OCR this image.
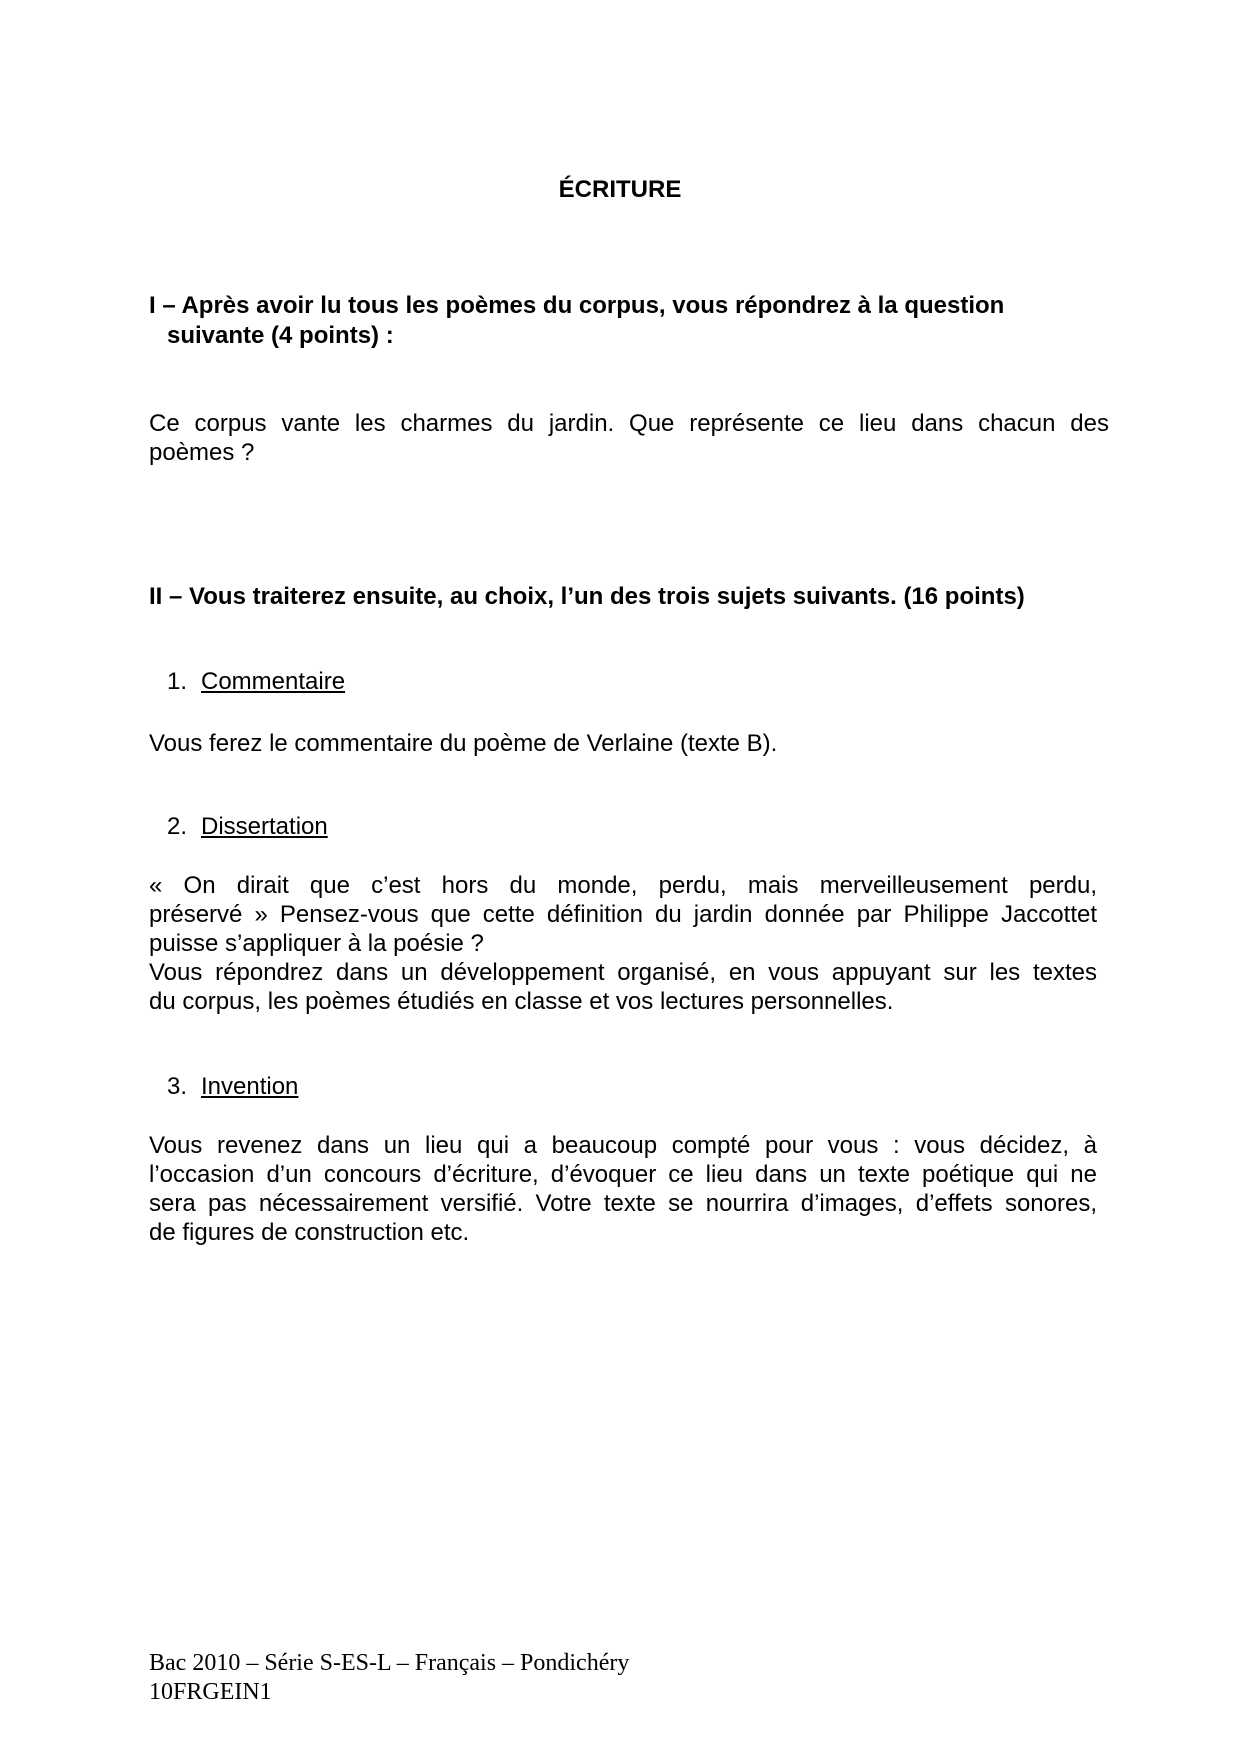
ÉCRITURE
I – Après avoir lu tous les poèmes du corpus, vous répondrez à la question
suivante (4 points) :
Ce corpus vante les charmes du jardin. Que représente ce lieu dans chacun des
poèmes ?
II – Vous traiterez ensuite, au choix, l’un des trois sujets suivants. (16 points)
1. Commentaire
Vous ferez le commentaire du poème de Verlaine (texte B).
2. Dissertation
« On dirait que c’est hors du monde, perdu, mais merveilleusement perdu,
préservé » Pensez-vous que cette définition du jardin donnée par Philippe Jaccottet
puisse s’appliquer à la poésie ?
Vous répondrez dans un développement organisé, en vous appuyant sur les textes
du corpus, les poèmes étudiés en classe et vos lectures personnelles.
3. Invention
Vous revenez dans un lieu qui a beaucoup compté pour vous : vous décidez, à
l’occasion d’un concours d’écriture, d’évoquer ce lieu dans un texte poétique qui ne
sera pas nécessairement versifié. Votre texte se nourrira d’images, d’effets sonores,
de figures de construction etc.
Bac 2010 – Série S-ES-L – Français – Pondichéry
10FRGEIN1
